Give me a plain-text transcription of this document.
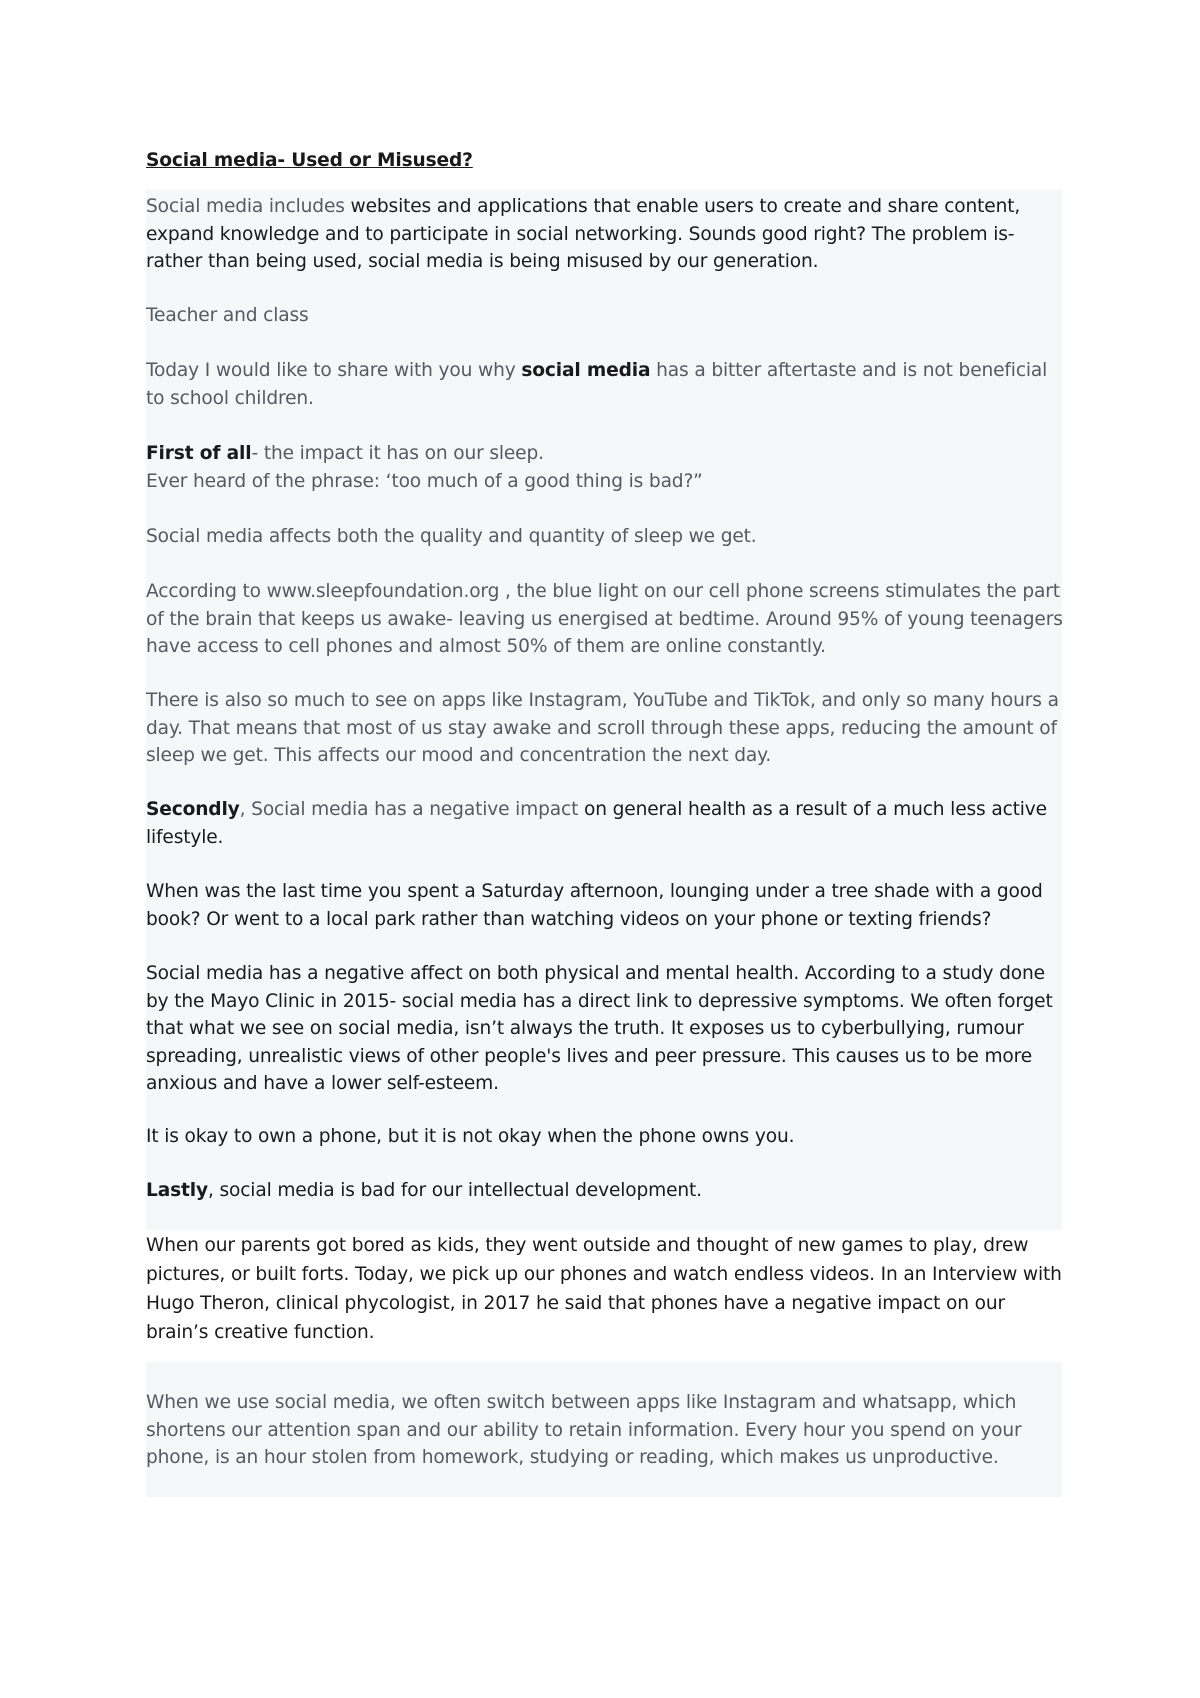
Social media- Used or Misused?

Social media includes websites and applications that enable users to create and share content, expand knowledge and to participate in social networking. Sounds good right? The problem is- rather than being used, social media is being misused by our generation.

Teacher and class

Today I would like to share with you why social media has a bitter aftertaste and is not beneficial to school children.

First of all- the impact it has on our sleep.
Ever heard of the phrase: ‘too much of a good thing is bad?”

Social media affects both the quality and quantity of sleep we get.

According to www.sleepfoundation.org , the blue light on our cell phone screens stimulates the part of the brain that keeps us awake- leaving us energised at bedtime. Around 95% of young teenagers have access to cell phones and almost 50% of them are online constantly.

There is also so much to see on apps like Instagram, YouTube and TikTok, and only so many hours a day. That means that most of us stay awake and scroll through these apps, reducing the amount of sleep we get. This affects our mood and concentration the next day.

Secondly, Social media has a negative impact on general health as a result of a much less active lifestyle.

When was the last time you spent a Saturday afternoon, lounging under a tree shade with a good book? Or went to a local park rather than watching videos on your phone or texting friends?

Social media has a negative affect on both physical and mental health. According to a study done by the Mayo Clinic in 2015- social media has a direct link to depressive symptoms. We often forget that what we see on social media, isn’t always the truth. It exposes us to cyberbullying, rumour spreading, unrealistic views of other people's lives and peer pressure. This causes us to be more anxious and have a lower self-esteem.

It is okay to own a phone, but it is not okay when the phone owns you.

Lastly, social media is bad for our intellectual development.

When our parents got bored as kids, they went outside and thought of new games to play, drew pictures, or built forts. Today, we pick up our phones and watch endless videos. In an Interview with Hugo Theron, clinical phycologist, in 2017 he said that phones have a negative impact on our brain’s creative function.

When we use social media, we often switch between apps like Instagram and whatsapp, which shortens our attention span and our ability to retain information. Every hour you spend on your phone, is an hour stolen from homework, studying or reading, which makes us unproductive.
